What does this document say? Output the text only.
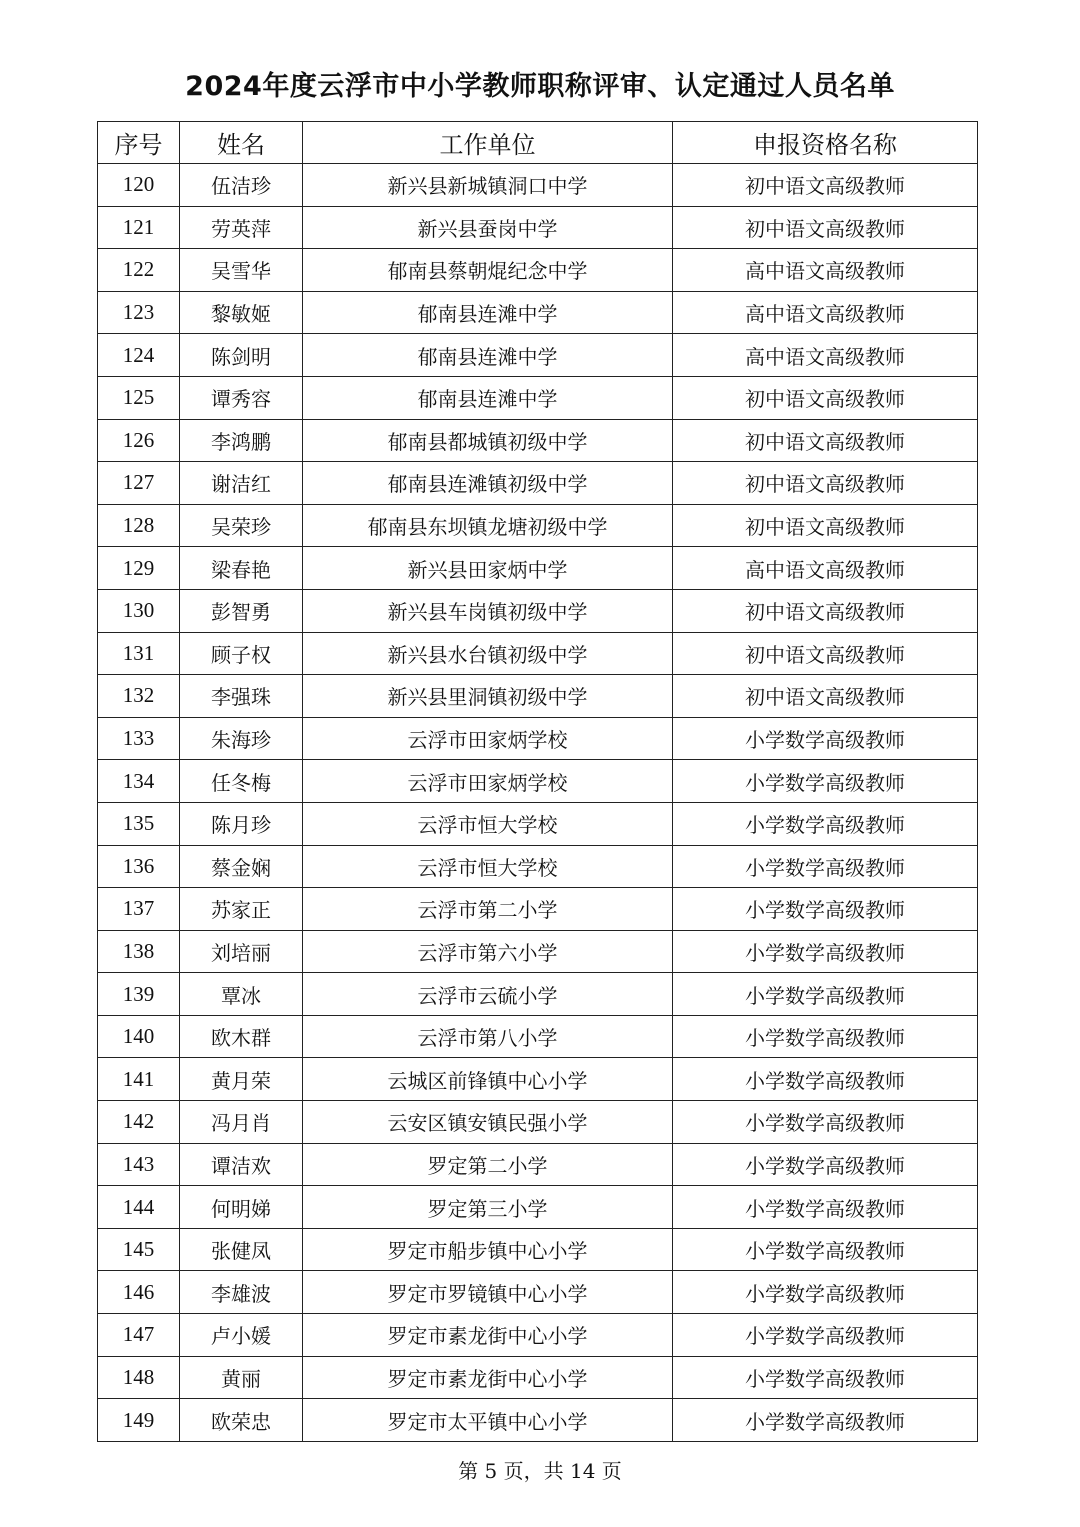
2024年度云浮市中小学教师职称评审、认定通过人员名单
序号	姓名	工作单位	申报资格名称
120	伍洁珍	新兴县新城镇洞口中学	初中语文高级教师
121	劳英萍	新兴县蚕岗中学	初中语文高级教师
122	吴雪华	郁南县蔡朝焜纪念中学	高中语文高级教师
123	黎敏姬	郁南县连滩中学	高中语文高级教师
124	陈剑明	郁南县连滩中学	高中语文高级教师
125	谭秀容	郁南县连滩中学	初中语文高级教师
126	李鸿鹏	郁南县都城镇初级中学	初中语文高级教师
127	谢洁红	郁南县连滩镇初级中学	初中语文高级教师
128	吴荣珍	郁南县东坝镇龙塘初级中学	初中语文高级教师
129	梁春艳	新兴县田家炳中学	高中语文高级教师
130	彭智勇	新兴县车岗镇初级中学	初中语文高级教师
131	顾子权	新兴县水台镇初级中学	初中语文高级教师
132	李强珠	新兴县里洞镇初级中学	初中语文高级教师
133	朱海珍	云浮市田家炳学校	小学数学高级教师
134	任冬梅	云浮市田家炳学校	小学数学高级教师
135	陈月珍	云浮市恒大学校	小学数学高级教师
136	蔡金娴	云浮市恒大学校	小学数学高级教师
137	苏家正	云浮市第二小学	小学数学高级教师
138	刘培丽	云浮市第六小学	小学数学高级教师
139	覃冰	云浮市云硫小学	小学数学高级教师
140	欧木群	云浮市第八小学	小学数学高级教师
141	黄月荣	云城区前锋镇中心小学	小学数学高级教师
142	冯月肖	云安区镇安镇民强小学	小学数学高级教师
143	谭洁欢	罗定第二小学	小学数学高级教师
144	何明娣	罗定第三小学	小学数学高级教师
145	张健凤	罗定市船步镇中心小学	小学数学高级教师
146	李雄波	罗定市罗镜镇中心小学	小学数学高级教师
147	卢小媛	罗定市素龙街中心小学	小学数学高级教师
148	黄丽	罗定市素龙街中心小学	小学数学高级教师
149	欧荣忠	罗定市太平镇中心小学	小学数学高级教师
第 5 页，共 14 页
